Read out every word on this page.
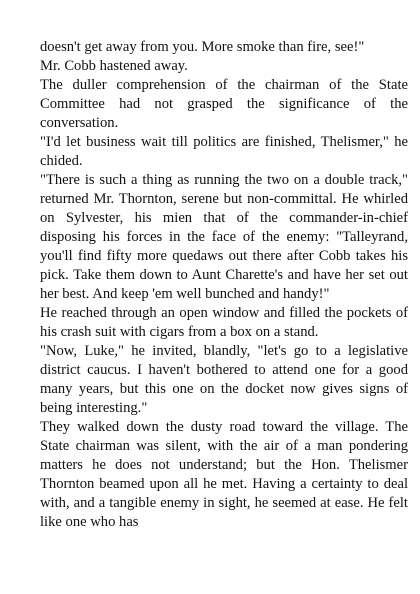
doesn't get away from you. More smoke than fire, see!"

Mr. Cobb hastened away.

The duller comprehension of the chairman of the State Committee had not grasped the significance of the conversation.

"I'd let business wait till politics are finished, Thelismer," he chided.

"There is such a thing as running the two on a double track," returned Mr. Thornton, serene but non-committal. He whirled on Sylvester, his mien that of the commander-in-chief disposing his forces in the face of the enemy: "Talleyrand, you'll find fifty more quedaws out there after Cobb takes his pick. Take them down to Aunt Charette's and have her set out her best. And keep 'em well bunched and handy!"

He reached through an open window and filled the pockets of his crash suit with cigars from a box on a stand.

"Now, Luke," he invited, blandly, "let's go to a legislative district caucus. I haven't bothered to attend one for a good many years, but this one on the docket now gives signs of being interesting."

They walked down the dusty road toward the village. The State chairman was silent, with the air of a man pondering matters he does not understand; but the Hon. Thelismer Thornton beamed upon all he met. Having a certainty to deal with, and a tangible enemy in sight, he seemed at ease. He felt like one who has
